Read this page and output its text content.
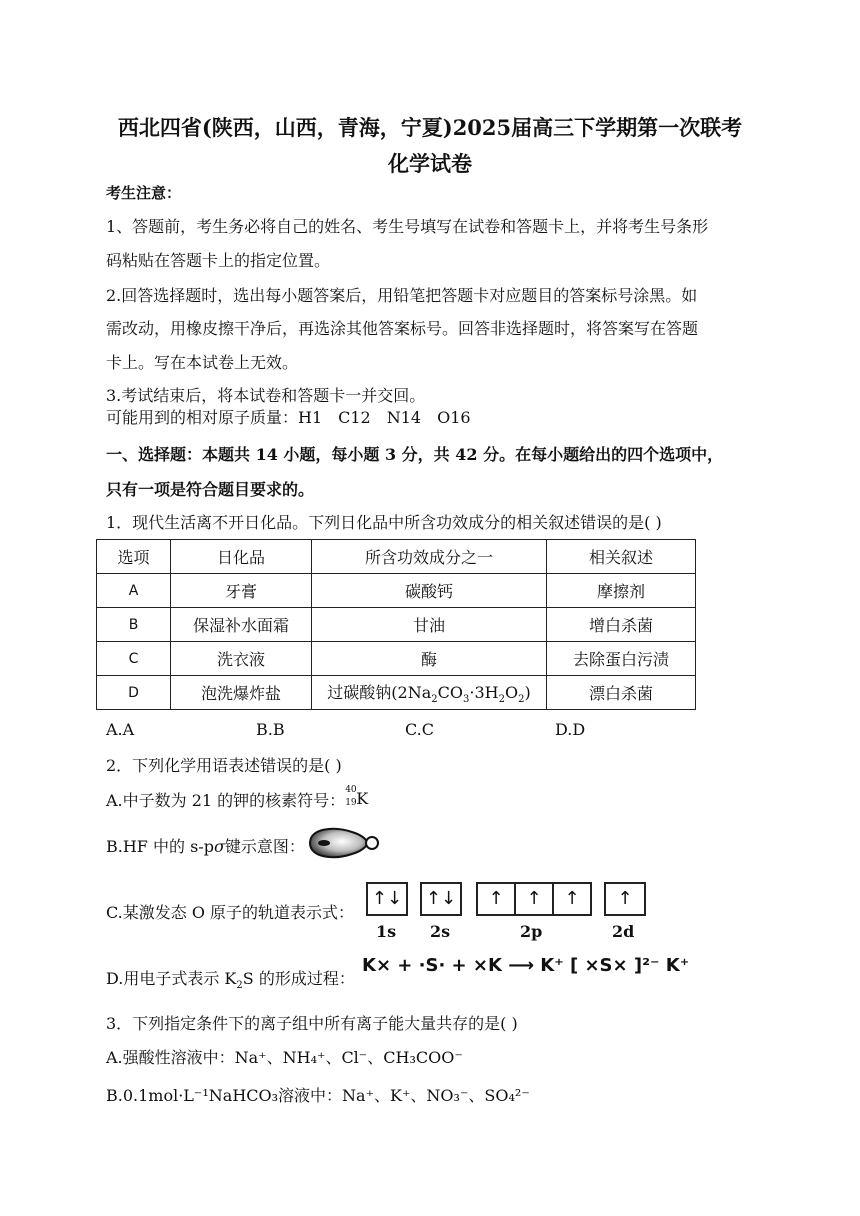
西北四省(陕西，山西，青海，宁夏)2025届高三下学期第一次联考
化学试卷
考生注意：
1、答题前，考生务必将自己的姓名、考生号填写在试卷和答题卡上，并将考生号条形
码粘贴在答题卡上的指定位置。
2.回答选择题时，选出每小题答案后，用铅笔把答题卡对应题目的答案标号涂黑。如
需改动，用橡皮擦干净后，再选涂其他答案标号。回答非选择题时，将答案写在答题
卡上。写在本试卷上无效。
3.考试结束后，将本试卷和答题卡一并交回。
可能用到的相对原子质量：H1　C12　N14　O16
一、选择题：本题共 14 小题，每小题 3 分，共 42 分。在每小题给出的四个选项中，
只有一项是符合题目要求的。
1．现代生活离不开日化品。下列日化品中所含功效成分的相关叙述错误的是( )
选项	日化品	所含功效成分之一	相关叙述
A	牙膏	碳酸钙	摩擦剂
B	保湿补水面霜	甘油	增白杀菌
C	洗衣液	酶	去除蛋白污渍
D	泡洗爆炸盐	过碳酸钠$(2Na_2CO_3\cdot 3H_2O_2)$	漂白杀菌
A.A	B.B	C.C	D.D
2．下列化学用语表述错误的是( )
A.中子数为 21 的钾的核素符号：
40
19 K
B.HF 中的 s-pσ键示意图：
C.某激发态 O 原子的轨道表示式：
↑↓ ↑↓	↑	↑	↑	↑
1s 2s	2p	2d
D.用电子式表示 $K_2S$ 的形成过程：
K× + ·S· + ×K ⟶ K⁺ [ ×S× ]²⁻ K⁺
3．下列指定条件下的离子组中所有离子能大量共存的是( )
A.强酸性溶液中：Na⁺、NH₄⁺、Cl⁻、CH₃COO⁻
B.0.1mol·L⁻¹NaHCO₃溶液中：Na⁺、K⁺、NO₃⁻、SO₄²⁻
